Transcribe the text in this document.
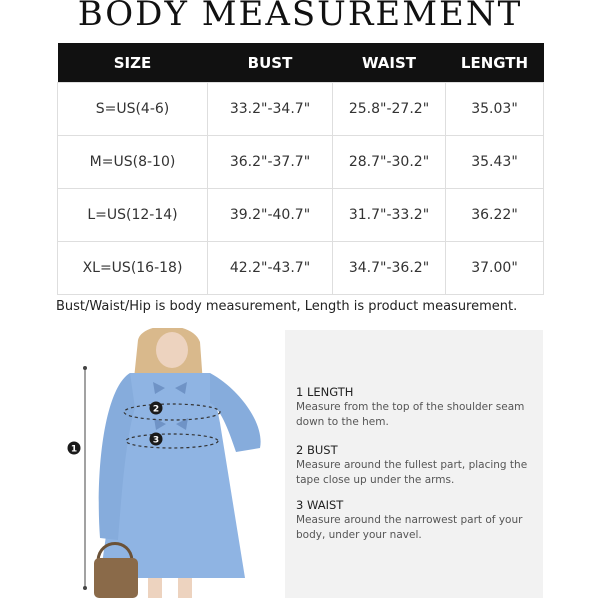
BODY MEASUREMENT
SIZE	BUST	WAIST	LENGTH
S=US(4-6)	33.2"-34.7"	25.8"-27.2"	35.03"
M=US(8-10)	36.2"-37.7"	28.7"-30.2"	35.43"
L=US(12-14)	39.2"-40.7"	31.7"-33.2"	36.22"
XL=US(16-18)	42.2"-43.7"	34.7"-36.2"	37.00"
Bust/Waist/Hip is body measurement, Length is product measurement.
1
2
3
1 LENGTH
Measure from the top of the shoulder seam down to the hem.
2 BUST
Measure around the fullest part, placing the tape close up under the arms.
3 WAIST
Measure around the narrowest part of your body, under your navel.
